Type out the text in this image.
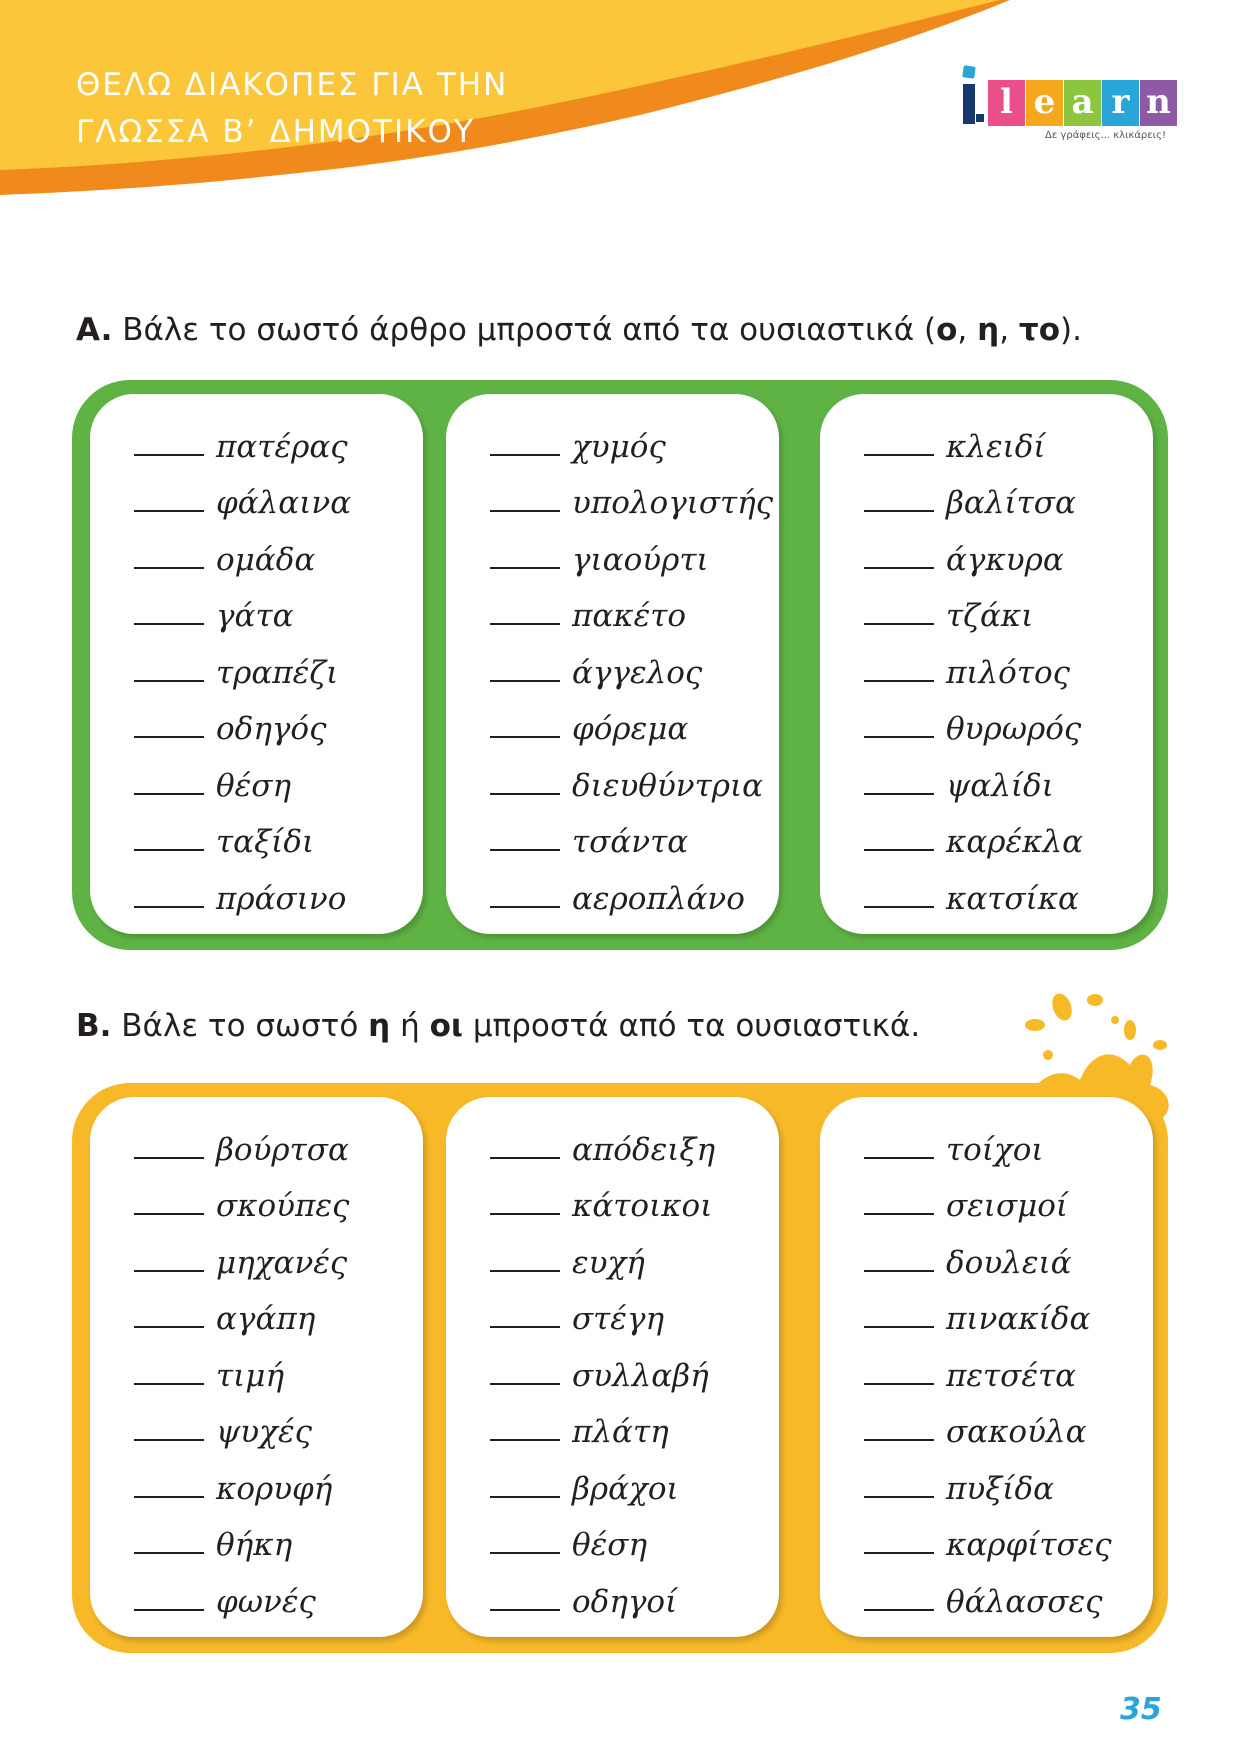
ΘΕΛΩ ΔΙΑΚΟΠΕΣ ΓΙΑ ΤΗΝ
ΓΛΩΣΣΑ Β’ ΔΗΜΟΤΙΚΟΥ
l e a r n
Δε γράφεις... κλικάρεις!
A. Βάλε το σωστό άρθρο μπροστά από τα ουσιαστικά (ο, η, το).
πατέρας
φάλαινα
ομάδα
γάτα
τραπέζι
οδηγός
θέση
ταξίδι
πράσινο
χυμός
υπολογιστής
γιαούρτι
πακέτο
άγγελος
φόρεμα
διευθύντρια
τσάντα
αεροπλάνο
κλειδί
βαλίτσα
άγκυρα
τζάκι
πιλότος
θυρωρός
ψαλίδι
καρέκλα
κατσίκα
B. Βάλε το σωστό η ή οι μπροστά από τα ουσιαστικά.
βούρτσα
σκούπες
μηχανές
αγάπη
τιμή
ψυχές
κορυφή
θήκη
φωνές
απόδειξη
κάτοικοι
ευχή
στέγη
συλλαβή
πλάτη
βράχοι
θέση
οδηγοί
τοίχοι
σεισμοί
δουλειά
πινακίδα
πετσέτα
σακούλα
πυξίδα
καρφίτσες
θάλασσες
35
